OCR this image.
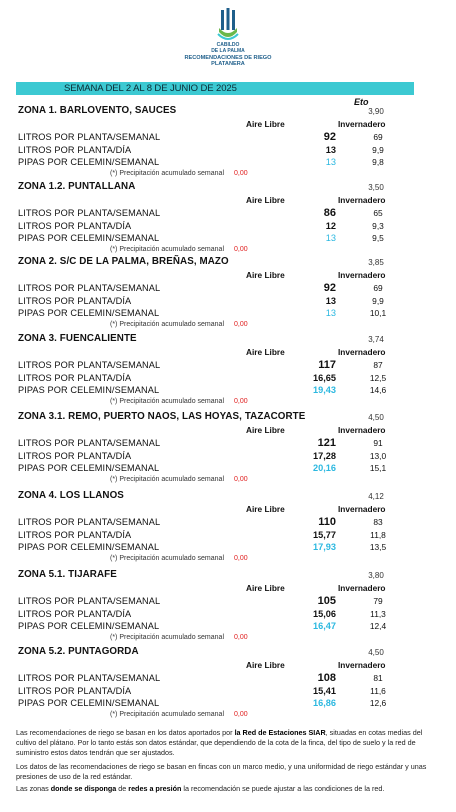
CABILDO
DE LA PALMA
RECOMENDACIONES DE RIEGO
PLATANERA
SEMANA DEL 2 AL 8 DE JUNIO DE 2025
Eto
ZONA 1. BARLOVENTO, SAUCES	3,90
Aire Libre	Invernadero
LITROS POR PLANTA/SEMANAL	92	69
LITROS POR PLANTA/DÍA	13	9,9
PIPAS POR CELEMIN/SEMANAL	13	9,8
(*) Precipitación acumulado semanal 0,00
ZONA 1.2. PUNTALLANA	3,50
Aire Libre	Invernadero
LITROS POR PLANTA/SEMANAL	86	65
LITROS POR PLANTA/DÍA	12	9,3
PIPAS POR CELEMIN/SEMANAL	13	9,5
(*) Precipitación acumulado semanal 0,00
ZONA 2. S/C DE LA PALMA, BREÑAS, MAZO	3,85
Aire Libre	Invernadero
LITROS POR PLANTA/SEMANAL	92	69
LITROS POR PLANTA/DÍA	13	9,9
PIPAS POR CELEMIN/SEMANAL	13	10,1
(*) Precipitación acumulado semanal 0,00
ZONA 3. FUENCALIENTE	3,74
Aire Libre	Invernadero
LITROS POR PLANTA/SEMANAL	117	87
LITROS POR PLANTA/DÍA	16,65	12,5
PIPAS POR CELEMIN/SEMANAL	19,43	14,6
(*) Precipitación acumulado semanal 0,00
ZONA 3.1. REMO, PUERTO NAOS, LAS HOYAS, TAZACORTE	4,50
Aire Libre	Invernadero
LITROS POR PLANTA/SEMANAL	121	91
LITROS POR PLANTA/DÍA	17,28	13,0
PIPAS POR CELEMIN/SEMANAL	20,16	15,1
(*) Precipitación acumulado semanal 0,00
ZONA 4. LOS LLANOS	4,12
Aire Libre	Invernadero
LITROS POR PLANTA/SEMANAL	110	83
LITROS POR PLANTA/DÍA	15,77	11,8
PIPAS POR CELEMIN/SEMANAL	17,93	13,5
(*) Precipitación acumulado semanal 0,00
ZONA 5.1. TIJARAFE	3,80
Aire Libre	Invernadero
LITROS POR PLANTA/SEMANAL	105	79
LITROS POR PLANTA/DÍA	15,06	11,3
PIPAS POR CELEMIN/SEMANAL	16,47	12,4
(*) Precipitación acumulado semanal 0,00
ZONA 5.2. PUNTAGORDA	4,50
Aire Libre	Invernadero
LITROS POR PLANTA/SEMANAL	108	81
LITROS POR PLANTA/DÍA	15,41	11,6
PIPAS POR CELEMIN/SEMANAL	16,86	12,6
(*) Precipitación acumulado semanal 0,00
Las recomendaciones de riego se basan en los datos aportados por la Red de Estaciones SIAR, situadas en cotas medias del cultivo del plátano. Por lo tanto estás son datos estándar, que dependiendo de la cota de la finca, del tipo de suelo y la red de suministro estos datos tendrán que ser ajustados.
Los datos de las recomendaciones de riego se basan en fincas con un marco medio, y una uniformidad de riego estándar y unas presiones de uso de la red estándar.
Las zonas donde se disponga de redes a presión la recomendación se puede ajustar a las condiciones de la red.
